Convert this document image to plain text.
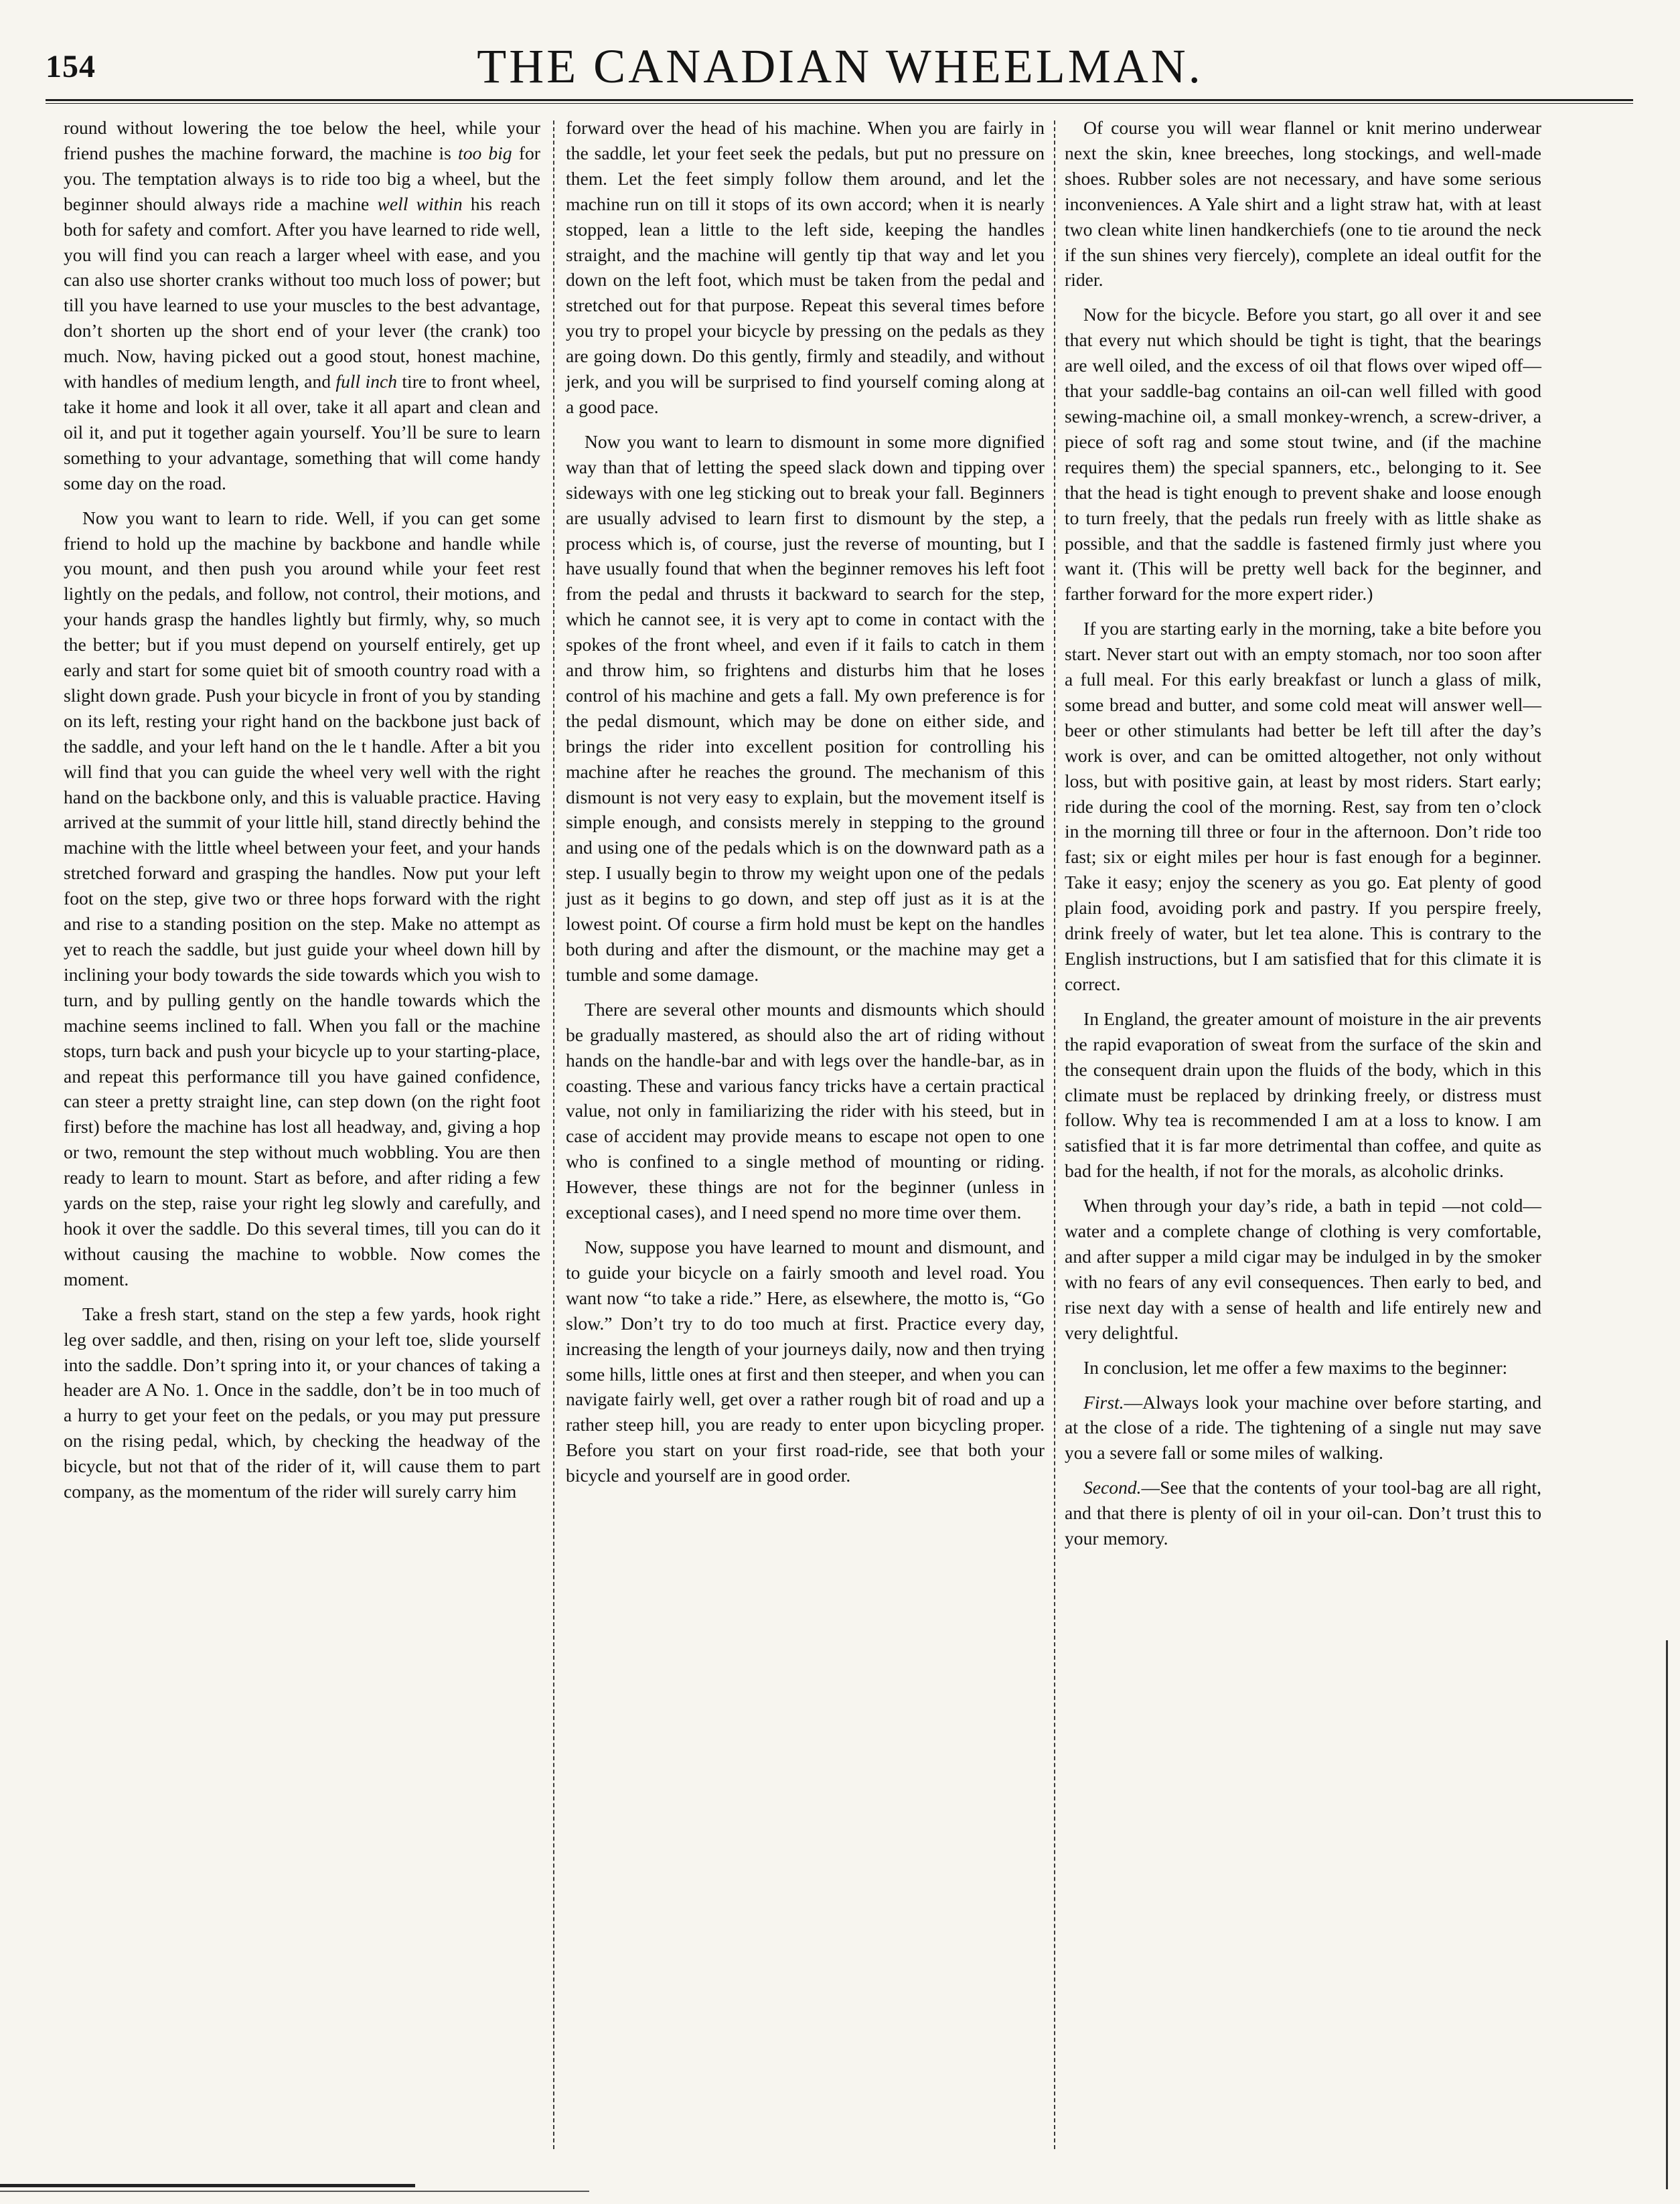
154	THE CANADIAN WHEELMAN.

round without lowering the toe below the heel, while your friend pushes the machine forward, the machine is too big for you. The temptation always is to ride too big a wheel, but the beginner should always ride a machine well within his reach both for safety and comfort. After you have learned to ride well, you will find you can reach a larger wheel with ease, and you can also use shorter cranks without too much loss of power; but till you have learned to use your muscles to the best advantage, don’t shorten up the short end of your lever (the crank) too much. Now, having picked out a good stout, honest machine, with handles of medium length, and full inch tire to front wheel, take it home and look it all over, take it all apart and clean and oil it, and put it together again yourself. You’ll be sure to learn something to your advantage, something that will come handy some day on the road.

Now you want to learn to ride. Well, if you can get some friend to hold up the machine by backbone and handle while you mount, and then push you around while your feet rest lightly on the pedals, and follow, not control, their motions, and your hands grasp the handles lightly but firmly, why, so much the better; but if you must depend on yourself entirely, get up early and start for some quiet bit of smooth country road with a slight down grade. Push your bicycle in front of you by standing on its left, resting your right hand on the backbone just back of the saddle, and your left hand on the le t handle. After a bit you will find that you can guide the wheel very well with the right hand on the backbone only, and this is valuable practice. Having arrived at the summit of your little hill, stand directly behind the machine with the little wheel between your feet, and your hands stretched forward and grasping the handles. Now put your left foot on the step, give two or three hops forward with the right and rise to a standing position on the step. Make no attempt as yet to reach the saddle, but just guide your wheel down hill by inclining your body towards the side towards which you wish to turn, and by pulling gently on the handle towards which the machine seems inclined to fall. When you fall or the machine stops, turn back and push your bicycle up to your starting-place, and repeat this performance till you have gained confidence, can steer a pretty straight line, can step down (on the right foot first) before the machine has lost all headway, and, giving a hop or two, remount the step without much wobbling. You are then ready to learn to mount. Start as before, and after riding a few yards on the step, raise your right leg slowly and carefully, and hook it over the saddle. Do this several times, till you can do it without causing the machine to wobble. Now comes the moment.

Take a fresh start, stand on the step a few yards, hook right leg over saddle, and then, rising on your left toe, slide yourself into the saddle. Don’t spring into it, or your chances of taking a header are A No. 1. Once in the saddle, don’t be in too much of a hurry to get your feet on the pedals, or you may put pressure on the rising pedal, which, by checking the headway of the bicycle, but not that of the rider of it, will cause them to part company, as the momentum of the rider will surely carry him

forward over the head of his machine. When you are fairly in the saddle, let your feet seek the pedals, but put no pressure on them. Let the feet simply follow them around, and let the machine run on till it stops of its own accord; when it is nearly stopped, lean a little to the left side, keeping the handles straight, and the machine will gently tip that way and let you down on the left foot, which must be taken from the pedal and stretched out for that purpose. Repeat this several times before you try to propel your bicycle by pressing on the pedals as they are going down. Do this gently, firmly and steadily, and without jerk, and you will be surprised to find yourself coming along at a good pace.

Now you want to learn to dismount in some more dignified way than that of letting the speed slack down and tipping over sideways with one leg sticking out to break your fall. Beginners are usually advised to learn first to dismount by the step, a process which is, of course, just the reverse of mounting, but I have usually found that when the beginner removes his left foot from the pedal and thrusts it backward to search for the step, which he cannot see, it is very apt to come in contact with the spokes of the front wheel, and even if it fails to catch in them and throw him, so frightens and disturbs him that he loses control of his machine and gets a fall. My own preference is for the pedal dismount, which may be done on either side, and brings the rider into excellent position for controlling his machine after he reaches the ground. The mechanism of this dismount is not very easy to explain, but the movement itself is simple enough, and consists merely in stepping to the ground and using one of the pedals which is on the downward path as a step. I usually begin to throw my weight upon one of the pedals just as it begins to go down, and step off just as it is at the lowest point. Of course a firm hold must be kept on the handles both during and after the dismount, or the machine may get a tumble and some damage.

There are several other mounts and dismounts which should be gradually mastered, as should also the art of riding without hands on the handle-bar and with legs over the handle-bar, as in coasting. These and various fancy tricks have a certain practical value, not only in familiarizing the rider with his steed, but in case of accident may provide means to escape not open to one who is confined to a single method of mounting or riding. However, these things are not for the beginner (unless in exceptional cases), and I need spend no more time over them.

Now, suppose you have learned to mount and dismount, and to guide your bicycle on a fairly smooth and level road. You want now “to take a ride.” Here, as elsewhere, the motto is, “Go slow.” Don’t try to do too much at first. Practice every day, increasing the length of your journeys daily, now and then trying some hills, little ones at first and then steeper, and when you can navigate fairly well, get over a rather rough bit of road and up a rather steep hill, you are ready to enter upon bicycling proper. Before you start on your first road-ride, see that both your bicycle and yourself are in good order.

Of course you will wear flannel or knit merino underwear next the skin, knee breeches, long stockings, and well-made shoes. Rubber soles are not necessary, and have some serious inconveniences. A Yale shirt and a light straw hat, with at least two clean white linen handkerchiefs (one to tie around the neck if the sun shines very fiercely), complete an ideal outfit for the rider.

Now for the bicycle. Before you start, go all over it and see that every nut which should be tight is tight, that the bearings are well oiled, and the excess of oil that flows over wiped off—that your saddle-bag contains an oil-can well filled with good sewing-machine oil, a small monkey-wrench, a screw-driver, a piece of soft rag and some stout twine, and (if the machine requires them) the special spanners, etc., belonging to it. See that the head is tight enough to prevent shake and loose enough to turn freely, that the pedals run freely with as little shake as possible, and that the saddle is fastened firmly just where you want it. (This will be pretty well back for the beginner, and farther forward for the more expert rider.)

If you are starting early in the morning, take a bite before you start. Never start out with an empty stomach, nor too soon after a full meal. For this early breakfast or lunch a glass of milk, some bread and butter, and some cold meat will answer well—beer or other stimulants had better be left till after the day’s work is over, and can be omitted altogether, not only without loss, but with positive gain, at least by most riders. Start early; ride during the cool of the morning. Rest, say from ten o’clock in the morning till three or four in the afternoon. Don’t ride too fast; six or eight miles per hour is fast enough for a beginner. Take it easy; enjoy the scenery as you go. Eat plenty of good plain food, avoiding pork and pastry. If you perspire freely, drink freely of water, but let tea alone. This is contrary to the English instructions, but I am satisfied that for this climate it is correct.

In England, the greater amount of moisture in the air prevents the rapid evaporation of sweat from the surface of the skin and the consequent drain upon the fluids of the body, which in this climate must be replaced by drinking freely, or distress must follow. Why tea is recommended I am at a loss to know. I am satisfied that it is far more detrimental than coffee, and quite as bad for the health, if not for the morals, as alcoholic drinks.

When through your day’s ride, a bath in tepid —not cold—water and a complete change of clothing is very comfortable, and after supper a mild cigar may be indulged in by the smoker with no fears of any evil consequences. Then early to bed, and rise next day with a sense of health and life entirely new and very delightful.

In conclusion, let me offer a few maxims to the beginner:

First.—Always look your machine over before starting, and at the close of a ride. The tightening of a single nut may save you a severe fall or some miles of walking.

Second.—See that the contents of your tool-bag are all right, and that there is plenty of oil in your oil-can. Don’t trust this to your memory.
